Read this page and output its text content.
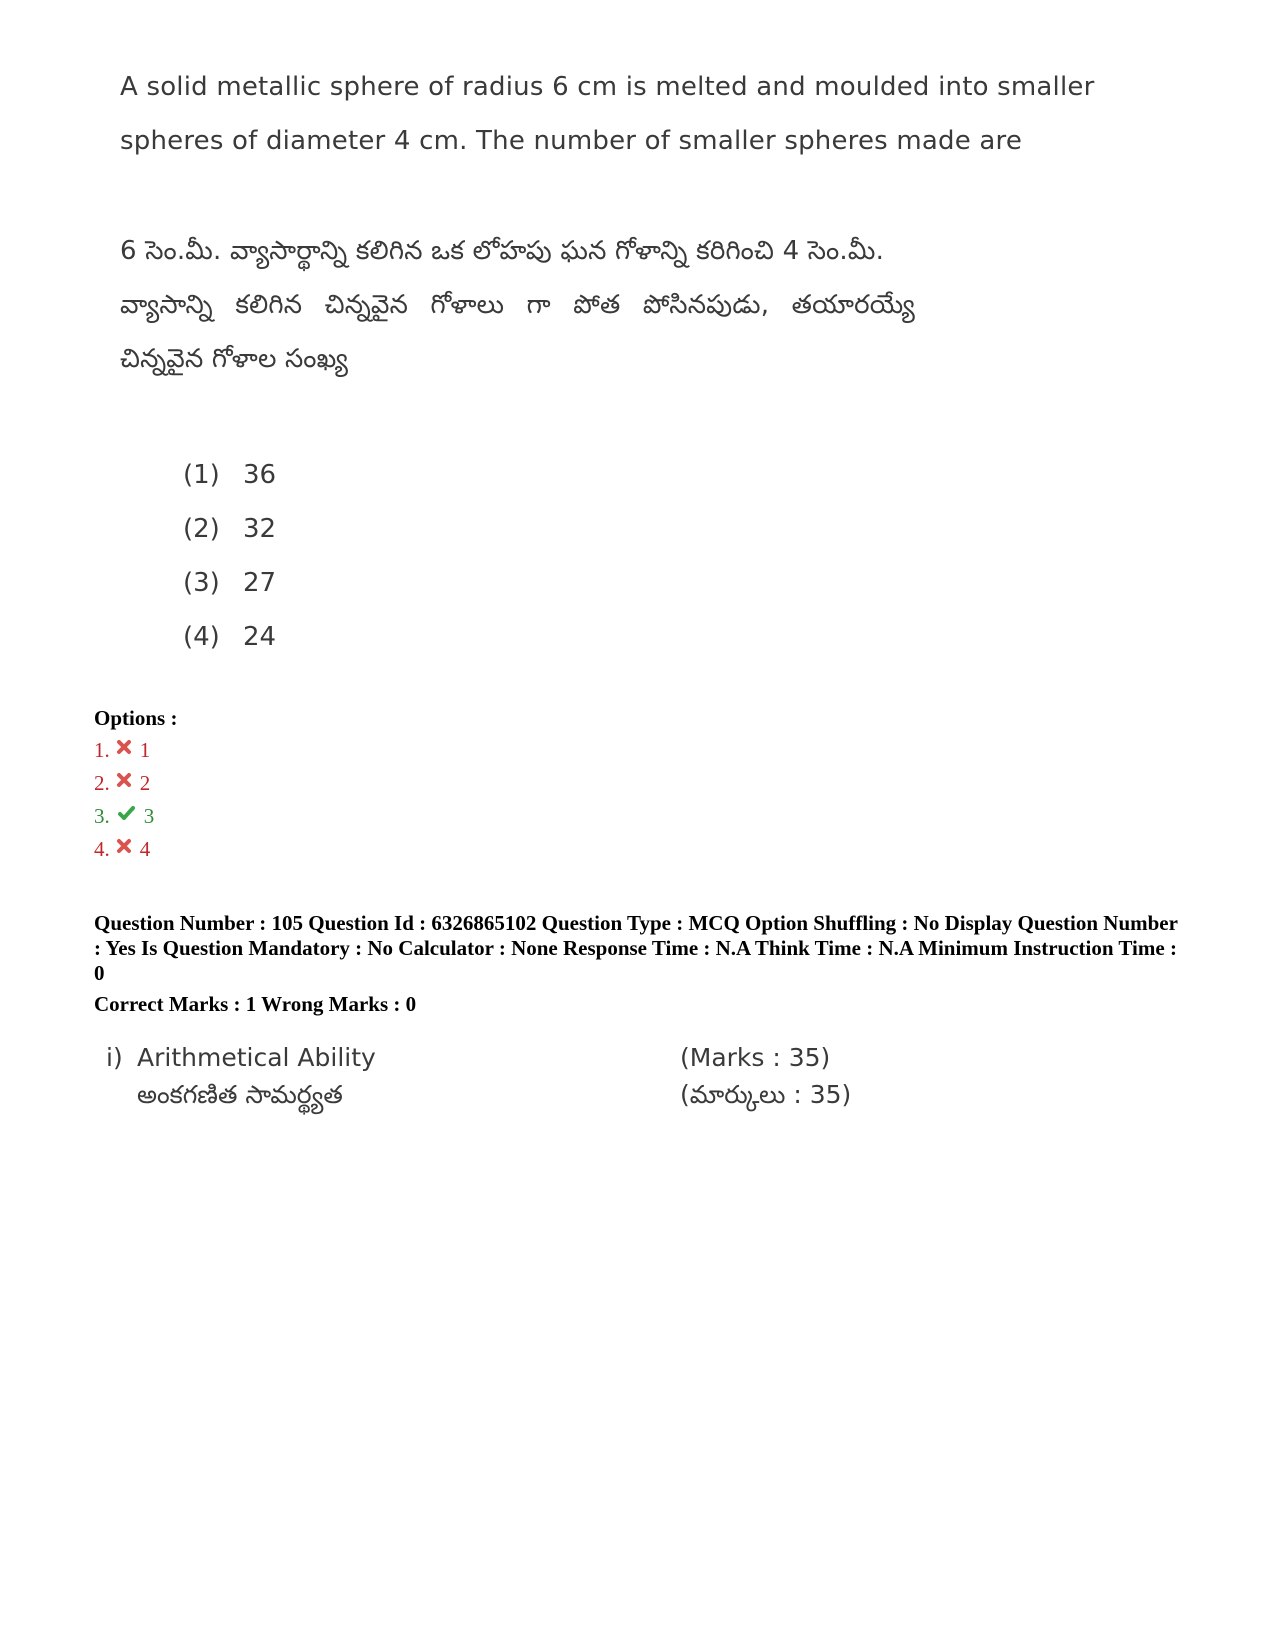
A solid metallic sphere of radius 6 cm is melted and moulded into smaller
spheres of diameter 4 cm. The number of smaller spheres made are
6 సెం.మీ. వ్యాసార్థాన్ని కలిగిన ఒక లోహపు ఘన గోళాన్ని కరిగించి 4 సెం.మీ.
వ్యాసాన్ని కలిగిన చిన్నవైన గోళాలు గా పోత పోసినపుడు, తయారయ్యే
చిన్నవైన గోళాల సంఖ్య
(1) 36
(2) 32
(3) 27
(4) 24
Options :
1. 1
2. 2
3. 3
4. 4
Question Number : 105 Question Id : 6326865102 Question Type : MCQ Option Shuffling : No Display Question Number : Yes Is Question Mandatory : No Calculator : None Response Time : N.A Think Time : N.A Minimum Instruction Time : 0
Correct Marks : 1 Wrong Marks : 0
i) Arithmetical Ability
అంకగణిత సామర్థ్యత
(Marks : 35)
(మార్కులు : 35)
